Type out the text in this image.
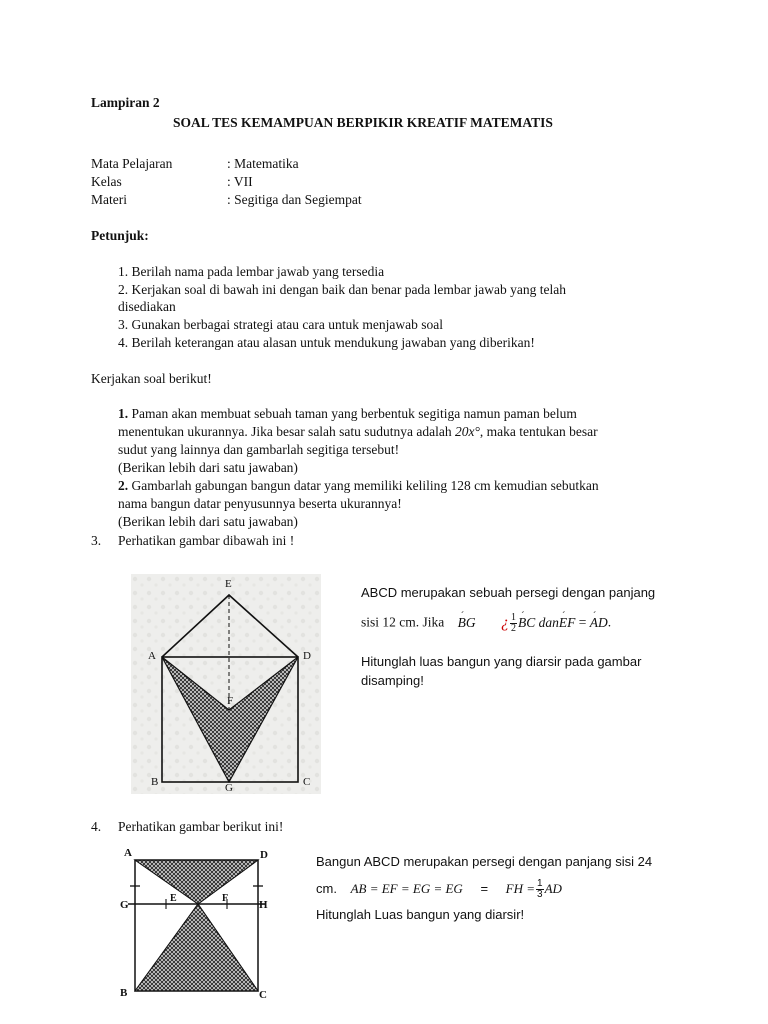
Lampiran 2
SOAL TES KEMAMPUAN BERPIKIR KREATIF MATEMATIS
Mata Pelajaran	: Matematika
Kelas	: VII
Materi	: Segitiga dan Segiempat
Petunjuk:
1. Berilah nama pada lembar jawab yang tersedia
2. Kerjakan soal di bawah ini dengan baik dan benar pada lembar jawab yang telah
disediakan
3. Gunakan berbagai strategi atau cara untuk menjawab soal
4. Berilah keterangan atau alasan untuk mendukung jawaban yang diberikan!
Kerjakan soal berikut!
1. Paman akan membuat sebuah taman yang berbentuk segitiga namun paman belum
menentukan ukurannya. Jika besar salah satu sudutnya adalah 20x°, maka tentukan besar
sudut yang lainnya dan gambarlah segitiga tersebut!
(Berikan lebih dari satu jawaban)
2. Gambarlah gabungan bangun datar yang memiliki keliling 128 cm kemudian sebutkan
nama bangun datar penyusunnya beserta ukurannya!
(Berikan lebih dari satu jawaban)
3. Perhatikan gambar dibawah ini !
E
A	D
F
B	G	C
ABCD merupakan sebuah persegi dengan panjang
sisi 12 cm. Jika ´ BG ¿ $\frac{1}{2}$ ´ BC dan´ EF = ´ AD.
Hitunglah luas bangun yang diarsir pada gambar
disamping!
4. Perhatikan gambar berikut ini!
A	D
G
E	F
H
B	C
Bangun ABCD merupakan persegi dengan panjang sisi 24
cm. AB = EF = EG = EG = FH = $\frac{1}{3}$ AD
Hitunglah Luas bangun yang diarsir!
